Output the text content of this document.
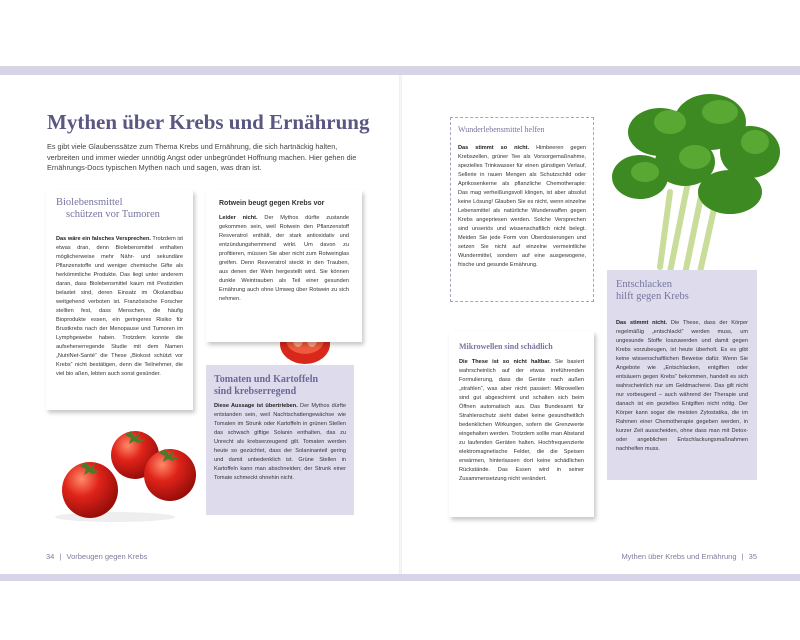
Mythen über Krebs und Ernährung

Es gibt viele Glaubenssätze zum Thema Krebs und Ernährung, die sich hartnäckig halten, verbreiten und immer wieder unnötig Angst oder unbegründet Hoffnung machen. Hier gehen die Ernährungs-Docs typischen Mythen nach und sagen, was dran ist.

Biolebensmittel
schützen vor Tumoren

Das wäre ein falsches Versprechen. Trotzdem ist etwas dran, denn Biolebensmittel enthalten möglicherweise mehr Nähr- und sekundäre Pflanzenstoffe und weniger chemische Gifte als herkömmliche Produkte. Das liegt unter anderem daran, dass Biolebensmittel kaum mit Pestiziden belastet sind, deren Einsatz im Ökolandbau weitgehend verboten ist. Französische Forscher stellten fest, dass Menschen, die häufig Bioprodukte essen, ein geringeres Risiko für Brustkrebs nach der Menopause und Tumoren im Lymphgewebe haben. Trotzdem konnte die aufsehenerregende Studie mit dem Namen „NutriNet-Santé“ die These „Biokost schützt vor Krebs“ nicht bestätigen, denn die Teilnehmer, die viel bio aßen, lebten auch sonst gesünder.

Rotwein beugt gegen Krebs vor

Leider nicht. Der Mythos dürfte zustande gekommen sein, weil Rotwein den Pflanzenstoff Resveratrol enthält, der stark antioxidativ und entzündungshemmend wirkt. Um davon zu profitieren, müssen Sie aber nicht zum Rotweinglas greifen. Denn Resveratrol steckt in den Trauben, aus denen der Wein hergestellt wird. Sie können dunkle Weintrauben als Teil einer gesunden Ernährung auch ohne Umweg über Rotwein zu sich nehmen.

Tomaten und Kartoffeln
sind krebserregend

Diese Aussage ist übertrieben. Der Mythos dürfte entstanden sein, weil Nachtschattengewächse wie Tomaten im Strunk oder Kartoffeln in grünen Stellen das schwach giftige Solanin enthalten, das zu Unrecht als krebserzeugend gilt. Tomaten werden heute so gezüchtet, dass der Solaninanteil gering und damit unbedenklich ist. Grüne Stellen in Kartoffeln kann man abschneiden; der Strunk einer Tomate schmeckt ohnehin nicht.

Wunderlebensmittel helfen

Das stimmt so nicht. Himbeeren gegen Krebszellen, grüner Tee als Vorsorgemaßnahme, spezielles Trinkwasser für einen günstigen Verlauf, Sellerie in rauen Mengen als Schutzschild oder Aprikosenkerne als pflanzliche Chemotherapie: Das mag verheißungsvoll klingen, ist aber absolut keine Lösung! Glauben Sie es nicht, wenn einzelne Lebensmittel als natürliche Wunderwaffen gegen Krebs angepriesen werden. Solche Versprechen sind unseriös und wissenschaftlich nicht belegt. Meiden Sie jede Form von Überdosierungen und setzen Sie nicht auf einzelne vermeintliche Wundermittel, sondern auf eine ausgewogene, frische und gesunde Ernährung.

Mikrowellen sind schädlich

Die These ist so nicht haltbar. Sie basiert wahrscheinlich auf der etwas irreführenden Formulierung, dass die Geräte nach außen „strahlen“, was aber nicht passiert: Mikrowellen sind gut abgeschirmt und schalten sich beim Öffnen automatisch aus. Das Bundesamt für Strahlenschutz sieht dabei keine gesundheitlich bedenklichen Wirkungen, sofern die Grenzwerte eingehalten werden. Trotzdem sollte man Abstand zu laufenden Geräten halten. Hochfrequenzierte elektromagnetische Felder, die die Speisen erwärmen, hinterlassen dort keine schädlichen Rückstände. Das Essen wird in seiner Zusammensetzung nicht verändert.

Entschlacken
hilft gegen Krebs

Das stimmt nicht. Die These, dass der Körper regelmäßig „entschlackt“ werden muss, um ungesunde Stoffe loszuwerden und damit gegen Krebs vorzubeugen, ist heute überholt. Es es gibt keine wissenschaftlichen Beweise dafür. Wenn Sie Angebote wie „Entschlacken, entgiften oder entsäuern gegen Krebs“ bekommen, handelt es sich wahrscheinlich nur um Geldmacherei. Das gilt nicht nur vorbeugend – auch während der Therapie und danach ist ein gezieltes Entgiften nicht nötig. Der Körper kann sogar die meisten Zytostatika, die im Rahmen einer Chemotherapie gegeben werden, in kurzer Zeit ausscheiden, ohne dass man mit Detox- oder angeblichen Entschlackungsmaßnahmen nachhelfen muss.

34 | Vorbeugen gegen Krebs	Mythen über Krebs und Ernährung | 35
